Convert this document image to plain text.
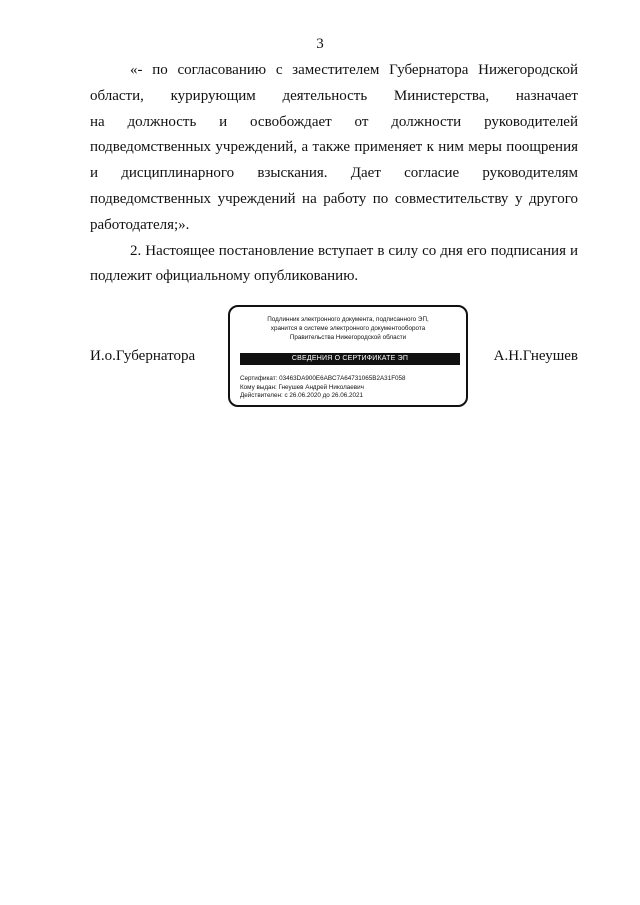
3
«- по согласованию с заместителем Губернатора Нижегородской
области, курирующим деятельность Министерства, назначает
на должность и освобождает от должности руководителей
подведомственных учреждений, а также применяет к ним меры поощрения
и дисциплинарного взыскания. Дает согласие руководителям
подведомственных учреждений на работу по совместительству у другого
работодателя;».
2. Настоящее постановление вступает в силу со дня его подписания и
подлежит официальному опубликованию.
И.о.Губернатора	А.Н.Гнеушев
Подлинник электронного документа, подписанного ЭП,
хранится в системе электронного документооборота
Правительства Нижегородской области
СВЕДЕНИЯ О СЕРТИФИКАТЕ ЭП
Сертификат: 03463DA900E6ABC7A64731065B2A31F058
Кому выдан: Гнеушев Андрей Николаевич
Действителен: с 26.06.2020 до 26.06.2021
